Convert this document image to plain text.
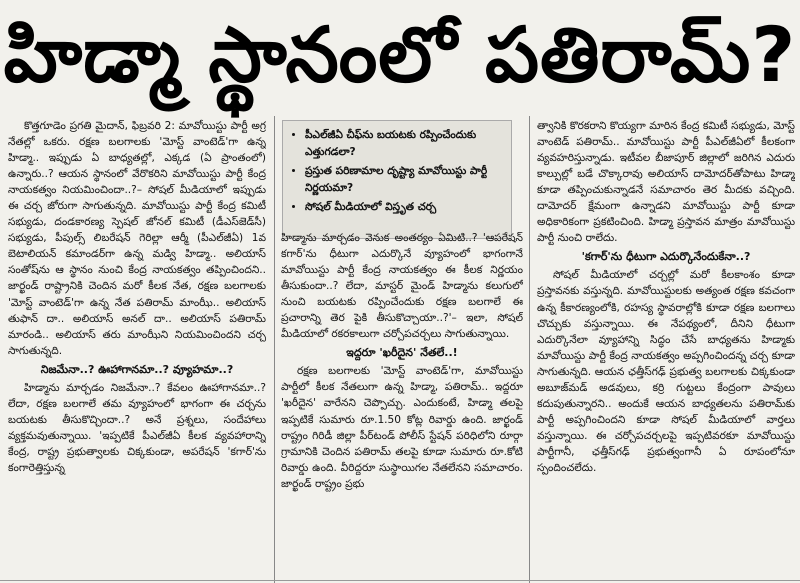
హిడ్మా స్థానంలో పతిరామ్?

కొత్తగూడెం ప్రగతి మైదాన్, ఫిబ్రవరి 2: మావోయిస్టు పార్టీ అగ్ర నేతల్లో ఒకరు. రక్షణ బలగాలకు 'మోస్ట్ వాంటెడ్'గా ఉన్న హిడ్మా.. ఇప్పుడు ఏ బాధ్యతల్లో, ఎక్కడ (ఏ ప్రాంతంలో) ఉన్నారు..? ఆయన స్థానంలో వేరొకరిని మావోయిస్టు పార్టీ కేంద్ర నాయకత్వం నియమించిందా..?– సోషల్ మీడియాలో ఇప్పుడు ఈ చర్చ జోరుగా సాగుతున్నది. మావోయిస్టు పార్టీ కేంద్ర కమిటీ సభ్యుడు, దండకారణ్య స్పెషల్ జోనల్ కమిటీ (డీఎస్‌జెడ్‌సీ) సభ్యుడు, పీపుల్స్ లిబరేషన్ గెరిల్లా ఆర్మీ (పీఎల్‌జీఏ) 1వ బెటాలియన్ కమాండర్‌గా ఉన్న మడ్వి హిడ్మా.. అలియాస్ సంతోష్‌ను ఆ స్థానం నుంచి కేంద్ర నాయకత్వం తప్పించిందని.. జార్ఖండ్ రాష్ట్రానికి చెందిన మరో కీలక నేత, రక్షణ బలగాలకు 'మోస్ట్ వాంటెడ్'గా ఉన్న నేత పతిరామ్ మాంఝీ.. అలియాస్ తుఫాన్ దా.. అలియాస్ అనల్ దా.. అలియాస్ పతిరామ్ మారండి.. అలియాస్ తరు మాంఝీని నియమించిందని చర్చ సాగుతున్నది.

నిజమేనా..? ఊహాగానమా..? వ్యూహమా..?

హిడ్మాను మార్చడం నిజమేనా..? కేవలం ఊహాగానమా..? లేదా, రక్షణ బలగాలే తమ వ్యూహంలో భాగంగా ఈ చర్చను బయటకు తీసుకొచ్చిందా..? అనే ప్రశ్నలు, సందేహాలు వ్యక్తమవుతున్నాయి. 'ఇప్పటికే పీఎల్‌జీఏ కీలక వ్యవహారాన్ని కేంద్ర, రాష్ట్ర ప్రభుత్వాలకు చిక్కకుండా, అపరేషన్ 'కగార్'ను కంగారెత్తిస్తున్న

• పీఎల్‌జీఏ చీఫ్‌ను బయటకు రప్పించేందుకు ఎత్తుగడలా?
• ప్రస్తుత పరిణామాల దృష్ట్యా మావోయిస్టు పార్టీ నిర్ణయమా?
• సోషల్ మీడియాలో విస్తృత చర్చ

హిడ్మాను మార్చడం వెనుక అంతర్యం ఏమిటి..? 'ఆపరేషన్ కగార్'ను ధీటుగా ఎదుర్కొనే వ్యూహంలో భాగంగానే మావోయిస్టు పార్టీ కేంద్ర నాయకత్వం ఈ కీలక నిర్ణయం తీసుకుందా..? లేదా, మాస్టర్ మైండ్ హిడ్మాను కలుగులో నుంచి బయటకు రప్పించేందుకు రక్షణ బలగాలే ఈ ప్రచారాన్ని తెర పైకి తీసుకొచ్చాయా..?'– ఇలా, సోషల్ మీడియాలో రకరకాలుగా చర్చోపచర్చలు సాగుతున్నాయి.

ఇద్దరూ 'ఖరీదైన' నేతలే..!

రక్షణ బలగాలకు 'మోస్ట్ వాంటెడ్'గా, మావోయిస్టు పార్టీలో కీలక నేతలుగా ఉన్న హిడ్మా, పతిరామ్.. ఇద్దరూ 'ఖరీదైన' వారేనని చెప్పొచ్చు. ఎందుకంటే, హిడ్మా తలపై ఇప్పటికే సుమారు రూ.1.50 కోట్ల రివార్డు ఉంది. జార్ఖండ్ రాష్ట్రం గిరిడీ జిల్లా పీర్‌టండ్ పోలీస్ స్టేషన్ పరిధిలోని రూర్గా గ్రామానికి చెందిన పతిరామ్ తలపై కూడా సుమారు రూ.కోటి రివార్డు ఉంది. వీరిద్దరూ సుస్థాయిగల నేతలేనని సమాచారం. జార్ఖండ్ రాష్ట్రం ప్రభు

త్వానికి కొరకరాని కొయ్యగా మారిన కేంద్ర కమిటీ సభ్యుడు, మోస్ట్ వాంటెడ్ పతిరామ్.. మావోయిస్టు పార్టీ పీఎల్‌జీఏలో కీలకంగా వ్యవహరిస్తున్నాడు. ఇటీవల బీజాపూర్ జిల్లాలో జరిగిన ఎదురు కాల్పుల్లో బడే చొక్కారావు అలియాస్ దామోదర్‌తోపాటు హిడ్మా కూడా తప్పించుకున్నాడనే సమాచారం తెర మీదకు వచ్చింది. దామోదర్ క్షేమంగా ఉన్నాడని మావోయిస్టు పార్టీ కూడా అధికారికంగా ప్రకటించింది. హిడ్మా ప్రస్తావన మాత్రం మావోయిస్టు పార్టీ నుంచి రాలేదు.

'కగార్'ను ధీటుగా ఎదుర్కొనేందుకేనా..?

సోషల్ మీడియాలో చర్చల్లో మరో కీలకాంశం కూడా ప్రస్తావనకు వస్తున్నది. మావోయిస్టులకు అత్యంత రక్షణ కవచంగా ఉన్న కీకారణ్యంలోకి, రహస్య స్థావరాల్లోకి కూడా రక్షణ బలగాలు చొచ్చుకు వస్తున్నాయి. ఈ నేపథ్యంలో, దీనిని ధీటుగా ఎదుర్కొనేలా వ్యూహాన్ని సిద్ధం చేసే బాధ్యతను హిడ్మాకు మావోయిస్టు పార్టీ కేంద్ర నాయకత్వం అప్పగించిందన్న చర్చ కూడా సాగుతున్నది. ఆయన ఛత్తీస్‌గఢ్ ప్రభుత్వ బలగాలకు చిక్కకుండా అబూజ్‌మడ్ అడవులు, కర్రి గుట్టలు కేంద్రంగా పావులు కదుపుతున్నారని.. అందుకే ఆయన బాధ్యతలను పతిరామ్‌కు పార్టీ అప్పగించిందని కూడా సోషల్ మీడియాలో వార్తలు వస్తున్నాయి. ఈ చర్చోపచర్చలపై ఇప్పటివరకూ మావోయిస్టు పార్టీగానీ, ఛత్తీస్‌గఢ్ ప్రభుత్వంగానీ ఏ రూపంలోనూ స్పందించలేదు.
